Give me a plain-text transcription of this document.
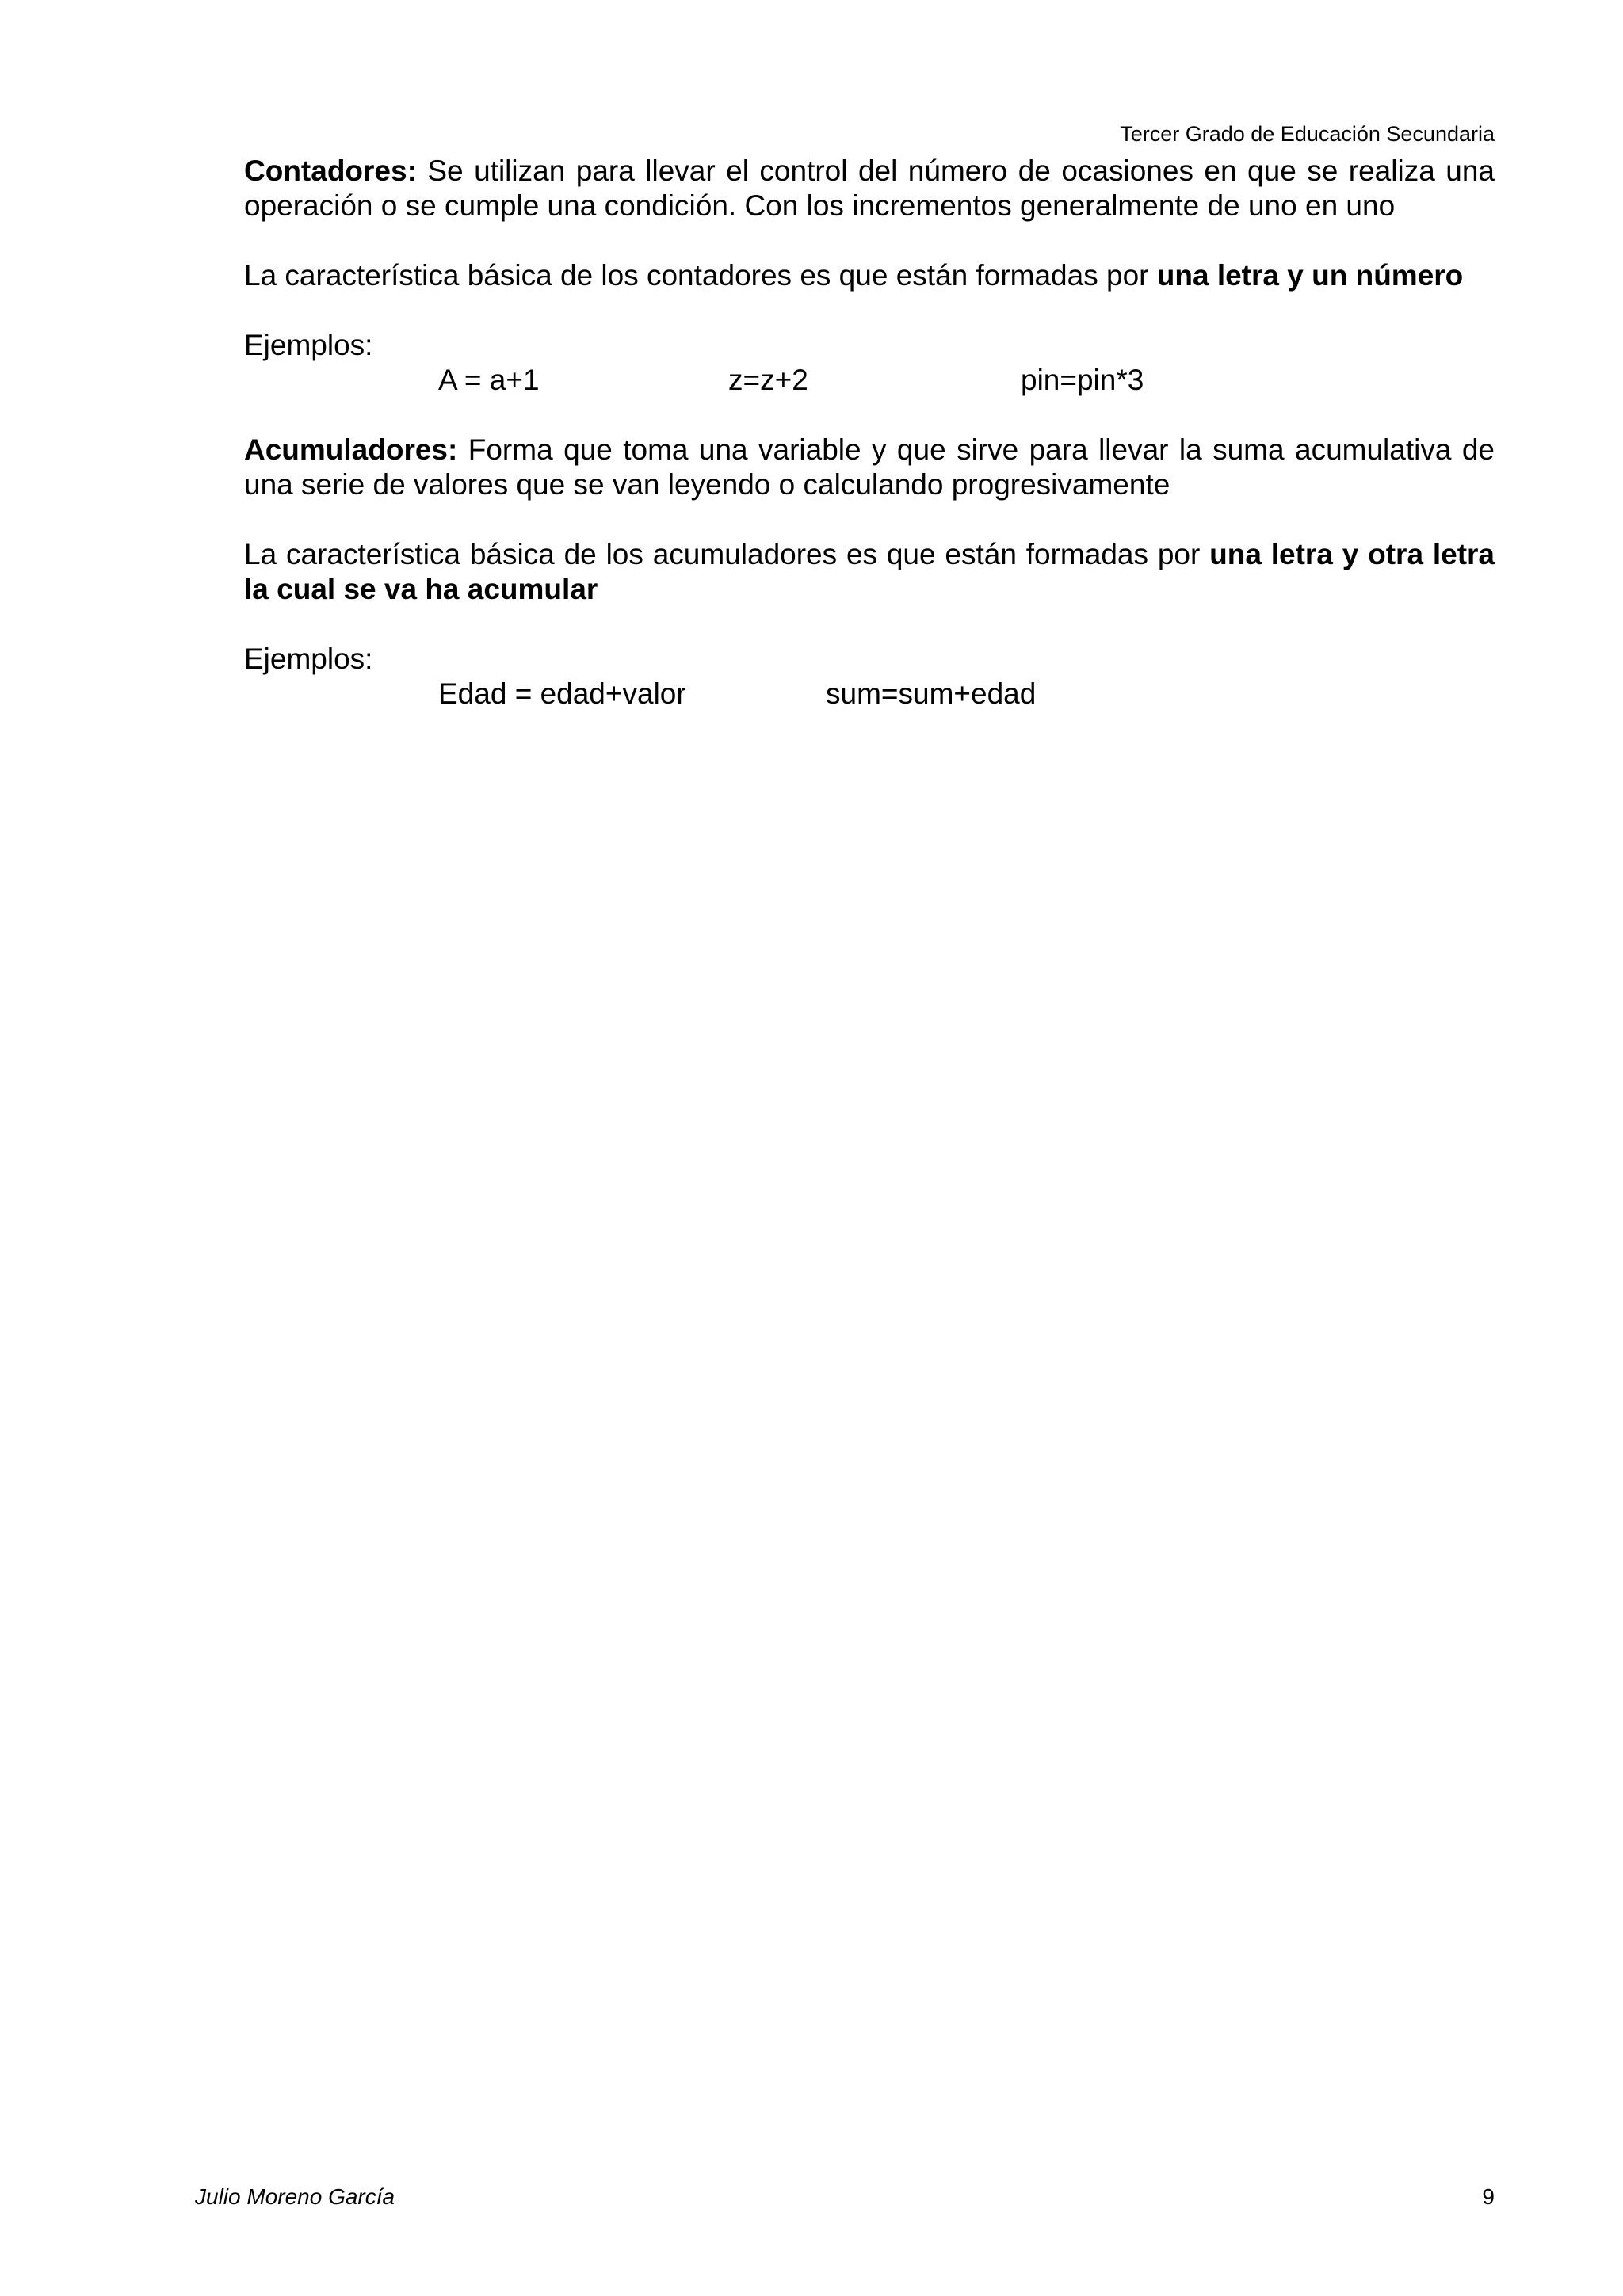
Tercer Grado de Educación Secundaria

Contadores: Se utilizan para llevar el control del número de ocasiones en que se realiza una operación o se cumple una condición. Con los incrementos generalmente de uno en uno

La característica básica de los contadores es que están formadas por una letra y un número

Ejemplos:

A = a+1	z=z+2	pin=pin*3

Acumuladores: Forma que toma una variable y que sirve para llevar la suma acumulativa de una serie de valores que se van leyendo o calculando progresivamente

La característica básica de los acumuladores es que están formadas por una letra y otra letra la cual se va ha acumular

Ejemplos:

Edad = edad+valor	sum=sum+edad
Julio Moreno García	9
